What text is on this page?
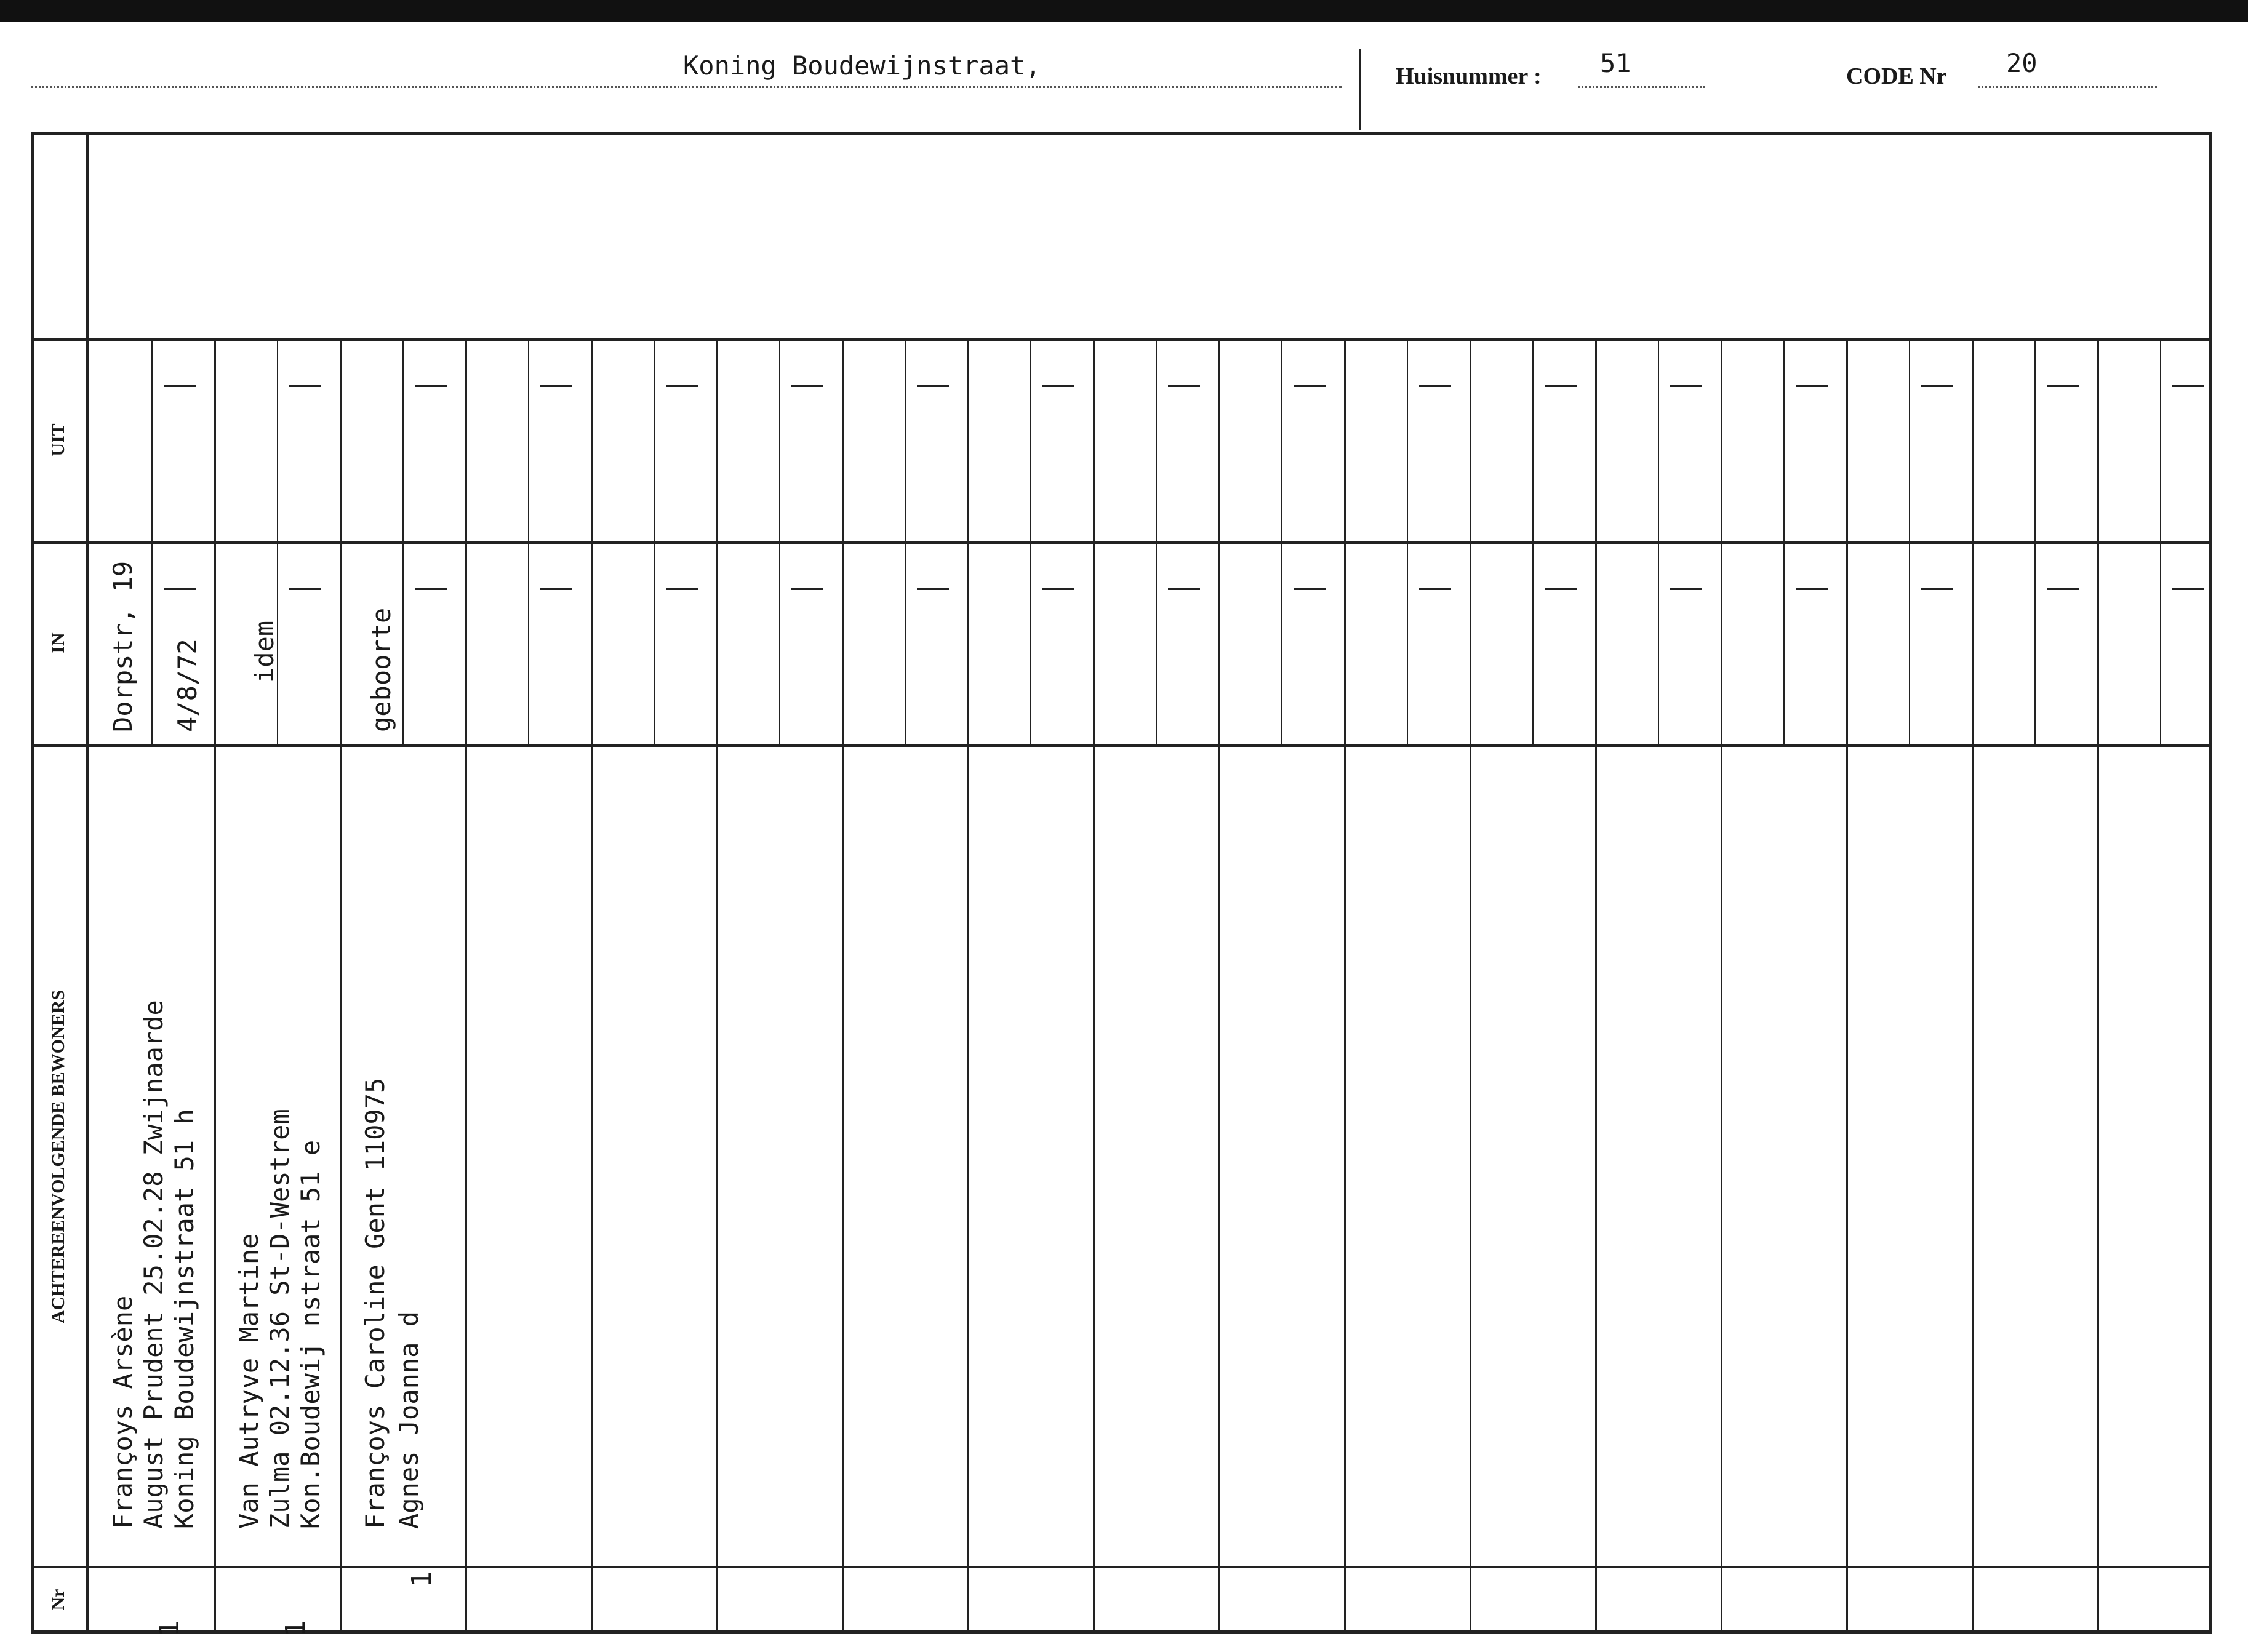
Koning Boudewijnstraat,	Huisnummer : 51	CODE Nr 20
UIT
IN
ACHTEREENVOLGENDE BEWONERS
Nr
Dorpstr, 19 4/8/72
Françoys Arsène August Prudent 25.02.28 Zwijnaarde Koning Boudewijnstraat 51 h
1
idem
Van Autryve Martine Zulma 02.12.36 St-D-Westrem Kon.Boudewij nstraat 51 e
1
geboorte
Françoys Caroline Gent 110975 Agnes Joanna d
1
